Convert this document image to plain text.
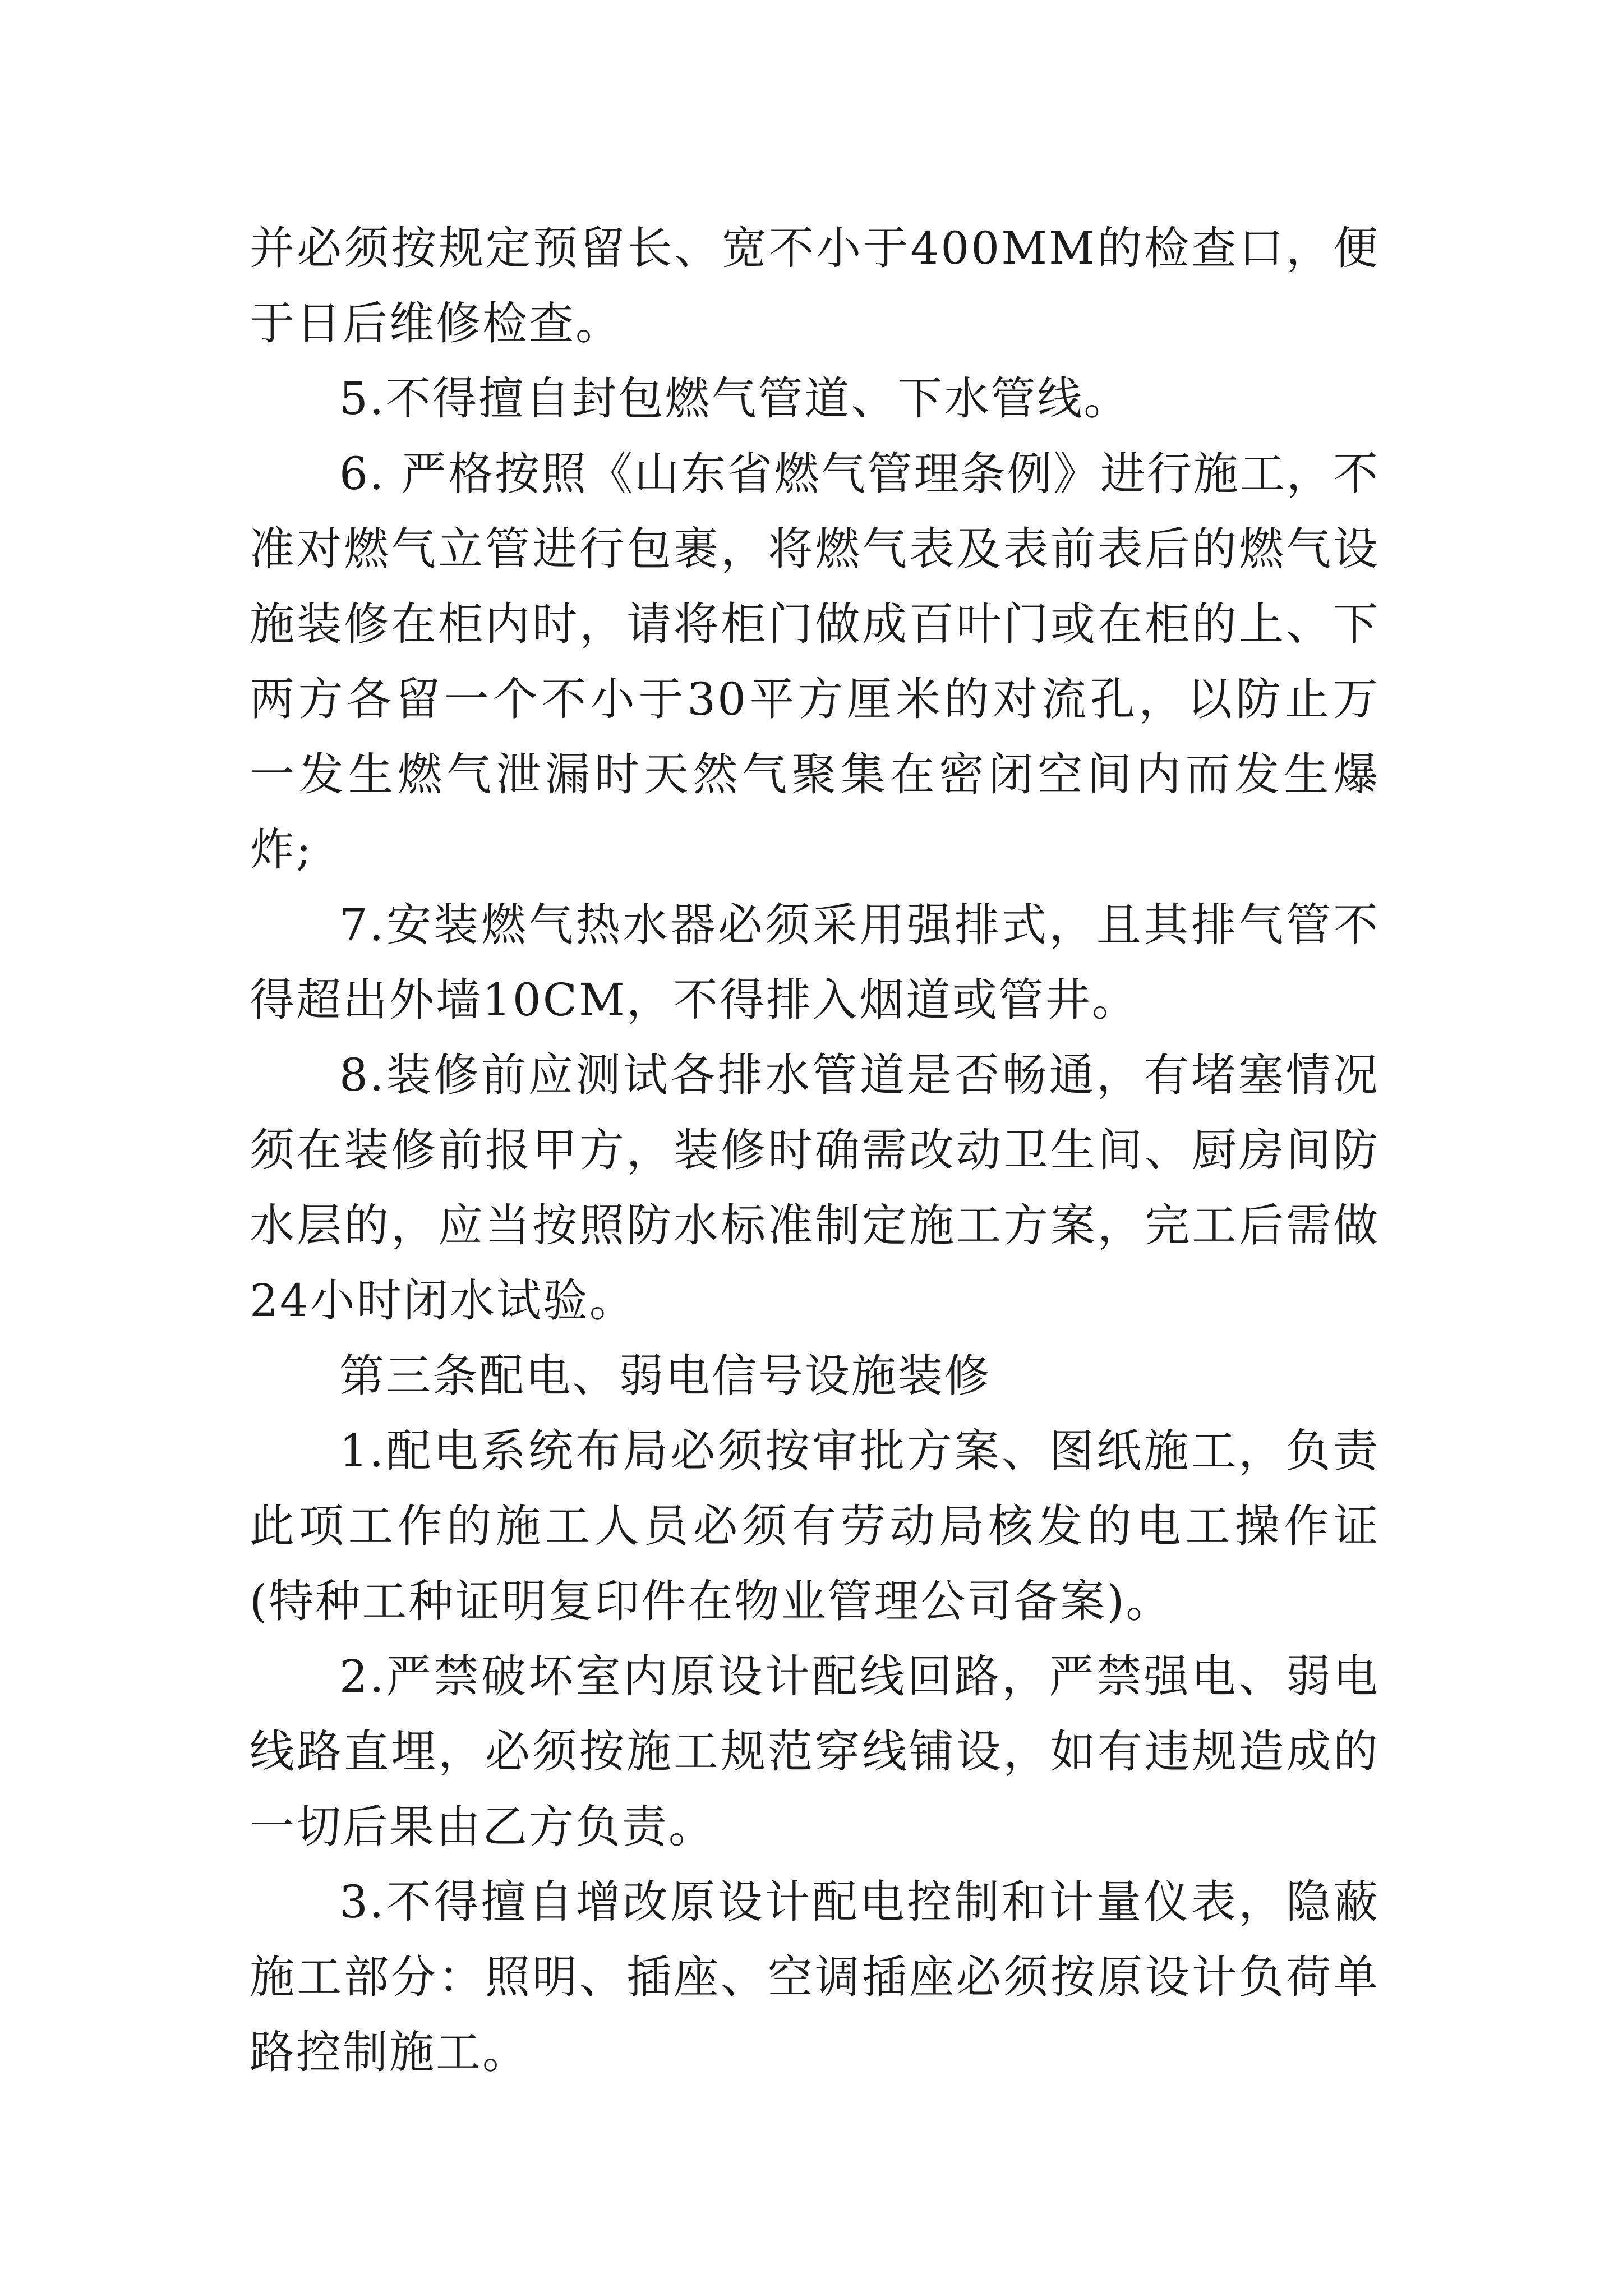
并必须按规定预留长、宽不小于400MM的检查口，便于日后维修检查。

5.不得擅自封包燃气管道、下水管线。

6. 严格按照《山东省燃气管理条例》进行施工，不准对燃气立管进行包裹，将燃气表及表前表后的燃气设施装修在柜内时，请将柜门做成百叶门或在柜的上、下两方各留一个不小于30平方厘米的对流孔，以防止万一发生燃气泄漏时天然气聚集在密闭空间内而发生爆炸;

7.安装燃气热水器必须采用强排式，且其排气管不得超出外墙10CM，不得排入烟道或管井。

8.装修前应测试各排水管道是否畅通，有堵塞情况须在装修前报甲方，装修时确需改动卫生间、厨房间防水层的，应当按照防水标准制定施工方案，完工后需做24小时闭水试验。

第三条配电、弱电信号设施装修

1.配电系统布局必须按审批方案、图纸施工，负责此项工作的施工人员必须有劳动局核发的电工操作证(特种工种证明复印件在物业管理公司备案)。

2.严禁破坏室内原设计配线回路，严禁强电、弱电线路直埋，必须按施工规范穿线铺设，如有违规造成的一切后果由乙方负责。

3.不得擅自增改原设计配电控制和计量仪表，隐蔽施工部分：照明、插座、空调插座必须按原设计负荷单路控制施工。
